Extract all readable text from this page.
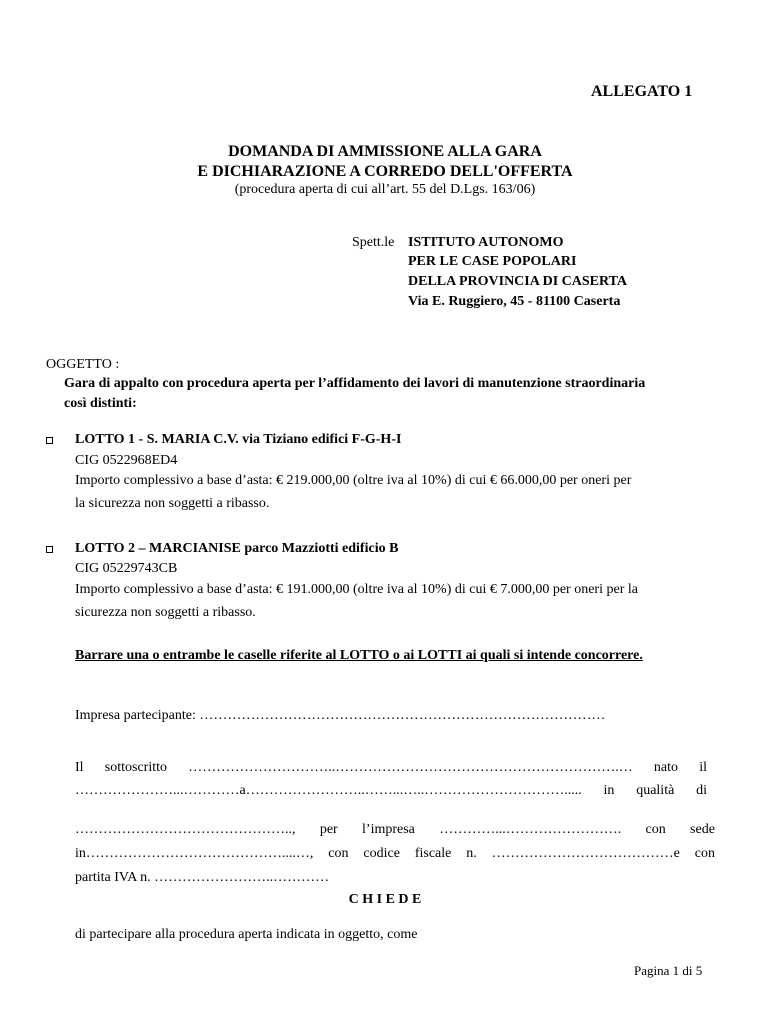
ALLEGATO 1
DOMANDA DI AMMISSIONE ALLA GARA
E DICHIARAZIONE A CORREDO DELL'OFFERTA
(procedura aperta di cui all’art. 55 del D.Lgs. 163/06)
Spett.le ISTITUTO AUTONOMO
PER LE CASE POPOLARI
DELLA PROVINCIA DI CASERTA
Via E. Ruggiero, 45 - 81100 Caserta
OGGETTO :
Gara di appalto con procedura aperta per l’affidamento dei lavori di manutenzione straordinaria
così distinti:
LOTTO 1 - S. MARIA C.V. via Tiziano edifici F-G-H-I
CIG 0522968ED4
Importo complessivo a base d’asta: € 219.000,00 (oltre iva al 10%) di cui € 66.000,00 per oneri per
la sicurezza non soggetti a ribasso.
LOTTO 2 – MARCIANISE parco Mazziotti edificio B
CIG 05229743CB
Importo complessivo a base d’asta: € 191.000,00 (oltre iva al 10%) di cui € 7.000,00 per oneri per la
sicurezza non soggetti a ribasso.
Barrare una o entrambe le caselle riferite al LOTTO o ai LOTTI ai quali si intende concorrere.
Impresa partecipante: ……………………………………………………………………………
Il sottoscritto …………………………..…………………………………………………….… nato il
…………………...…………a……………………..……...…..…………………………..... in qualità di
……………………………………….., per l’impresa …………...……………………. con sede
in……………………………………....…, con codice fiscale n. …………………………………e con
partita IVA n. ……………………..…………
C H I E D E
di partecipare alla procedura aperta indicata in oggetto, come
Pagina 1 di 5
